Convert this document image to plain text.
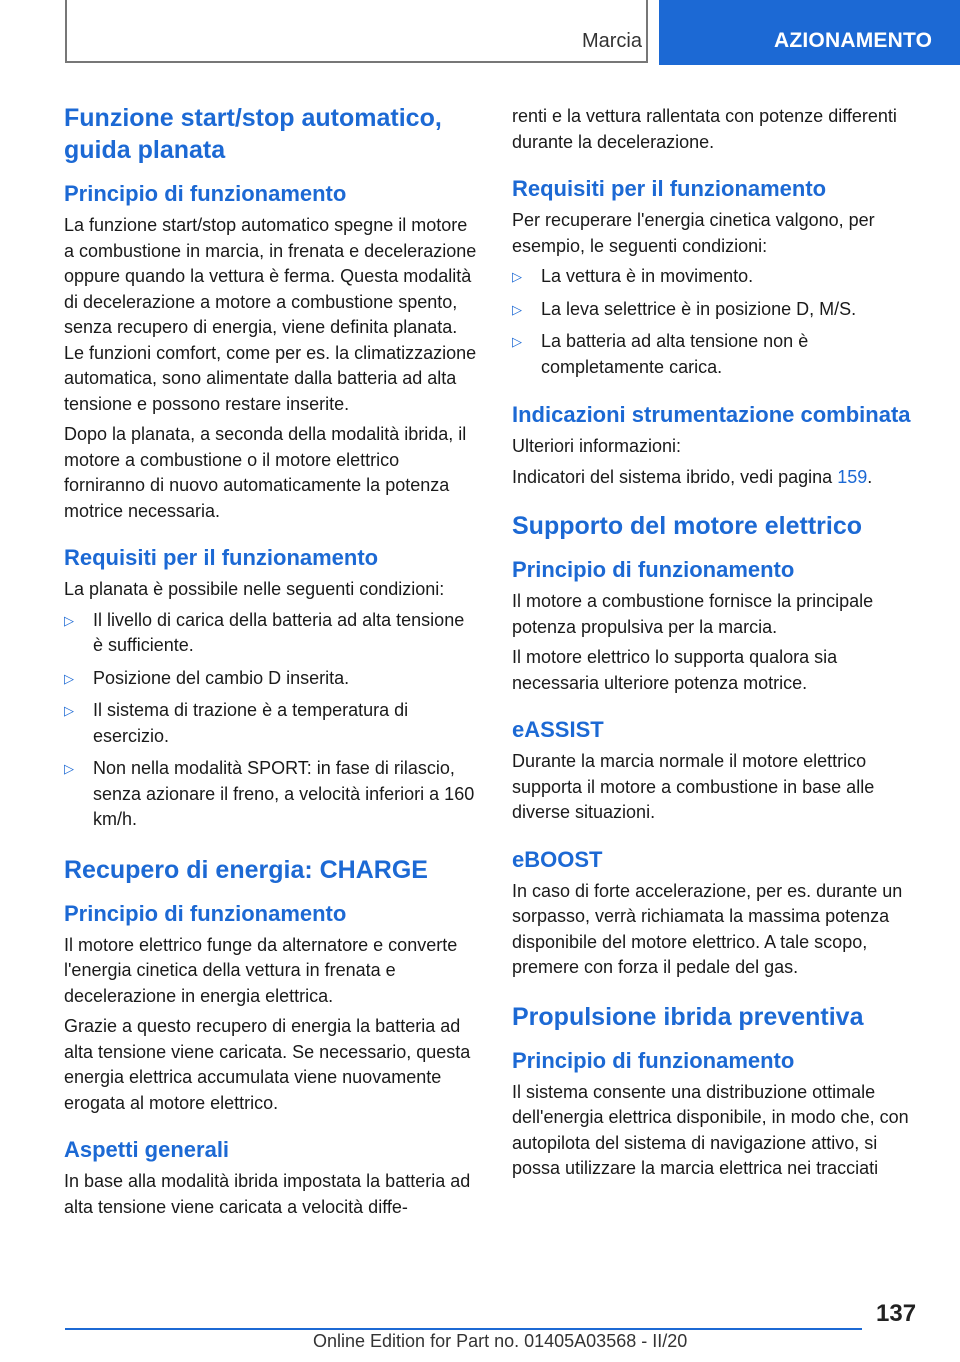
Marcia	AZIONAMENTO
Funzione start/stop automatico, guida planata
Principio di funzionamento

La funzione start/stop automatico spegne il motore a combustione in marcia, in frenata e decelerazione oppure quando la vettura è ferma. Questa modalità di decelerazione a motore a combustione spento, senza recupero di energia, viene definita planata. Le funzioni comfort, come per es. la climatizzazione automatica, sono alimentate dalla batteria ad alta tensione e possono restare inserite.

Dopo la planata, a seconda della modalità ibrida, il motore a combustione o il motore elettrico forniranno di nuovo automaticamente la potenza motrice necessaria.

Requisiti per il funzionamento

La planata è possibile nelle seguenti condizioni:

▷ Il livello di carica della batteria ad alta tensione è sufficiente.
▷ Posizione del cambio D inserita.
▷ Il sistema di trazione è a temperatura di esercizio.
▷ Non nella modalità SPORT: in fase di rilascio, senza azionare il freno, a velocità inferiori a 160 km/h.
Recupero di energia: CHARGE
Principio di funzionamento

Il motore elettrico funge da alternatore e converte l'energia cinetica della vettura in frenata e decelerazione in energia elettrica.

Grazie a questo recupero di energia la batteria ad alta tensione viene caricata. Se necessario, questa energia elettrica accumulata viene nuovamente erogata al motore elettrico.

Aspetti generali

In base alla modalità ibrida impostata la batteria ad alta tensione viene caricata a velocità diffe-

renti e la vettura rallentata con potenze differenti durante la decelerazione.

Requisiti per il funzionamento

Per recuperare l'energia cinetica valgono, per esempio, le seguenti condizioni:

▷ La vettura è in movimento.
▷ La leva selettrice è in posizione D, M/S.
▷ La batteria ad alta tensione non è completamente carica.
Indicazioni strumentazione combinata

Ulteriori informazioni:

Indicatori del sistema ibrido, vedi pagina 159.

Supporto del motore elettrico
Principio di funzionamento

Il motore a combustione fornisce la principale potenza propulsiva per la marcia.

Il motore elettrico lo supporta qualora sia necessaria ulteriore potenza motrice.

eASSIST

Durante la marcia normale il motore elettrico supporta il motore a combustione in base alle diverse situazioni.

eBOOST

In caso di forte accelerazione, per es. durante un sorpasso, verrà richiamata la massima potenza disponibile del motore elettrico. A tale scopo, premere con forza il pedale del gas.

Propulsione ibrida preventiva
Principio di funzionamento

Il sistema consente una distribuzione ottimale dell'energia elettrica disponibile, in modo che, con autopilota del sistema di navigazione attivo, si possa utilizzare la marcia elettrica nei tracciati

137
Online Edition for Part no. 01405A03568 - II/20
